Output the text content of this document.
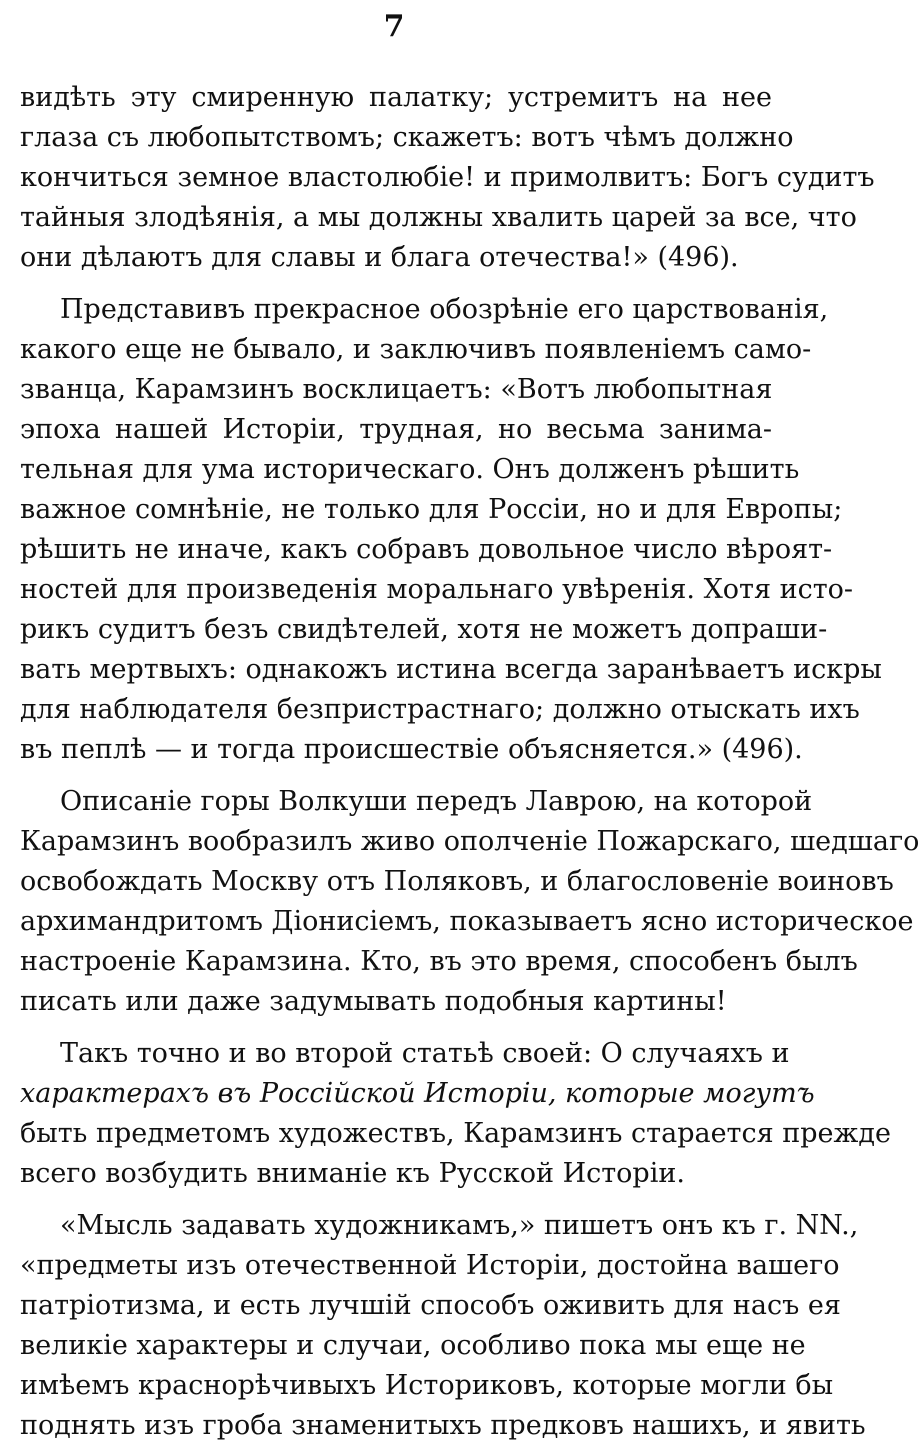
7

видѣть эту смиренную палатку; устремитъ на нее
глаза съ любопытствомъ; скажетъ: вотъ чѣмъ должно
кончиться земное властолюбіе! и примолвитъ: Богъ судитъ
тайныя злодѣянія, а мы должны хвалить царей за все, что
они дѣлаютъ для славы и блага отечества!» (496).

Представивъ прекрасное обозрѣніе его царствованія,
какого еще не бывало, и заключивъ появленіемъ само-
званца, Карамзинъ восклицаетъ: «Вотъ любопытная
эпоха нашей Исторіи, трудная, но весьма занима-
тельная для ума историческаго. Онъ долженъ рѣшить
важное сомнѣніе, не только для Россіи, но и для Европы;
рѣшить не иначе, какъ собравъ довольное число вѣроят-
ностей для произведенія моральнаго увѣренія. Хотя исто-
рикъ судитъ безъ свидѣтелей, хотя не можетъ допраши-
вать мертвыхъ: однакожъ истина всегда заранѣваетъ искры
для наблюдателя безпристрастнаго; должно отыскать ихъ
въ пеплѣ — и тогда происшествіе объясняется.» (496).

Описаніе горы Волкуши передъ Лаврою, на которой
Карамзинъ вообразилъ живо ополченіе Пожарскаго, шедшаго
освобождать Москву отъ Поляковъ, и благословеніе воиновъ
архимандритомъ Діонисіемъ, показываетъ ясно историческое
настроеніе Карамзина. Кто, въ это время, способенъ былъ
писать или даже задумывать подобныя картины!

Такъ точно и во второй статьѣ своей: О случаяхъ и
характерахъ въ Россійской Исторіи, которые могутъ
быть предметомъ художествъ, Карамзинъ старается прежде
всего возбудить вниманіе къ Русской Исторіи.

«Мысль задавать художникамъ,» пишетъ онъ къ г. NN.,
«предметы изъ отечественной Исторіи, достойна вашего
патріотизма, и есть лучшій способъ оживить для насъ ея
великіе характеры и случаи, особливо пока мы еще не
имѣемъ краснорѣчивыхъ Историковъ, которые могли бы
поднять изъ гроба знаменитыхъ предковъ нашихъ, и явить
